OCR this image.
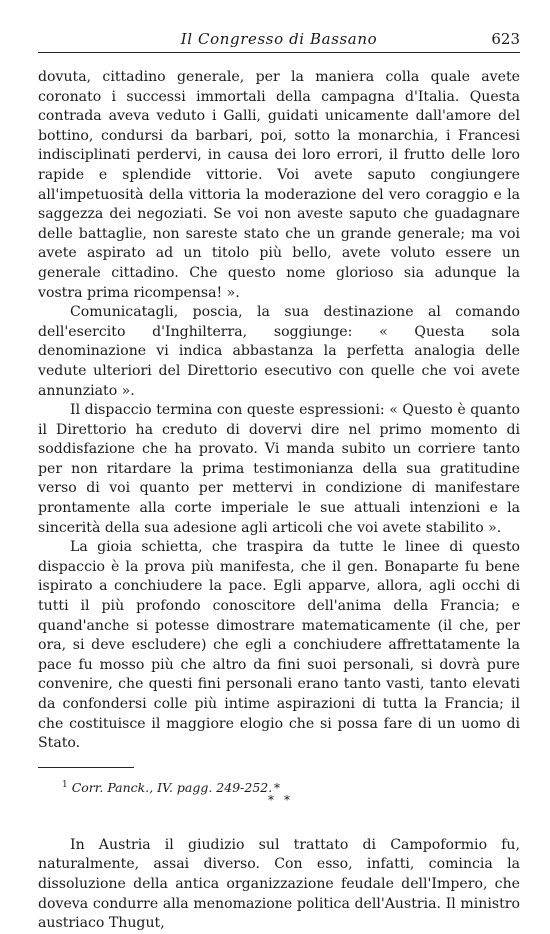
Il Congresso di Bassano	623

dovuta, cittadino generale, per la maniera colla quale avete coronato i successi immortali della campagna d'Italia. Questa contrada aveva veduto i Galli, guidati unicamente dall'amore del bottino, condursi da barbari, poi, sotto la monarchia, i Francesi indisciplinati perdervi, in causa dei loro errori, il frutto delle loro rapide e splendide vittorie. Voi avete saputo congiungere all'impetuosità della vittoria la moderazione del vero coraggio e la saggezza dei negoziati. Se voi non aveste saputo che guadagnare delle battaglie, non sareste stato che un grande generale; ma voi avete aspirato ad un titolo più bello, avete voluto essere un generale cittadino. Che questo nome glorioso sia adunque la vostra prima ricompensa! ».

Comunicatagli, poscia, la sua destinazione al comando dell'esercito d'Inghilterra, soggiunge: « Questa sola denominazione vi indica abbastanza la perfetta analogia delle vedute ulteriori del Direttorio esecutivo con quelle che voi avete annunziato ».

Il dispaccio termina con queste espressioni: « Questo è quanto il Direttorio ha creduto di dovervi dire nel primo momento di soddisfazione che ha provato. Vi manda subito un corriere tanto per non ritardare la prima testimonianza della sua gratitudine verso di voi quanto per mettervi in condizione di manifestare prontamente alla corte imperiale le sue attuali intenzioni e la sincerità della sua adesione agli articoli che voi avete stabilito ».

La gioia schietta, che traspira da tutte le linee di questo dispaccio è la prova più manifesta, che il gen. Bonaparte fu bene ispirato a conchiudere la pace. Egli apparve, allora, agli occhi di tutti il più profondo conoscitore dell'anima della Francia; e quand'anche si potesse dimostrare matematicamente (il che, per ora, si deve escludere) che egli a conchiudere affrettatamente la pace fu mosso più che altro da fini suoi personali, si dovrà pure convenire, che questi fini personali erano tanto vasti, tanto elevati da confondersi colle più intime aspirazioni di tutta la Francia; il che costituisce il maggiore elogio che si possa fare di un uomo di Stato.

*
**

In Austria il giudizio sul trattato di Campoformio fu, naturalmente, assai diverso. Con esso, infatti, comincia la dissoluzione della antica organizzazione feudale dell'Impero, che doveva condurre alla menomazione politica dell'Austria. Il ministro austriaco Thugut,

$^1$ Corr. Panck., IV. pagg. 249-252.
